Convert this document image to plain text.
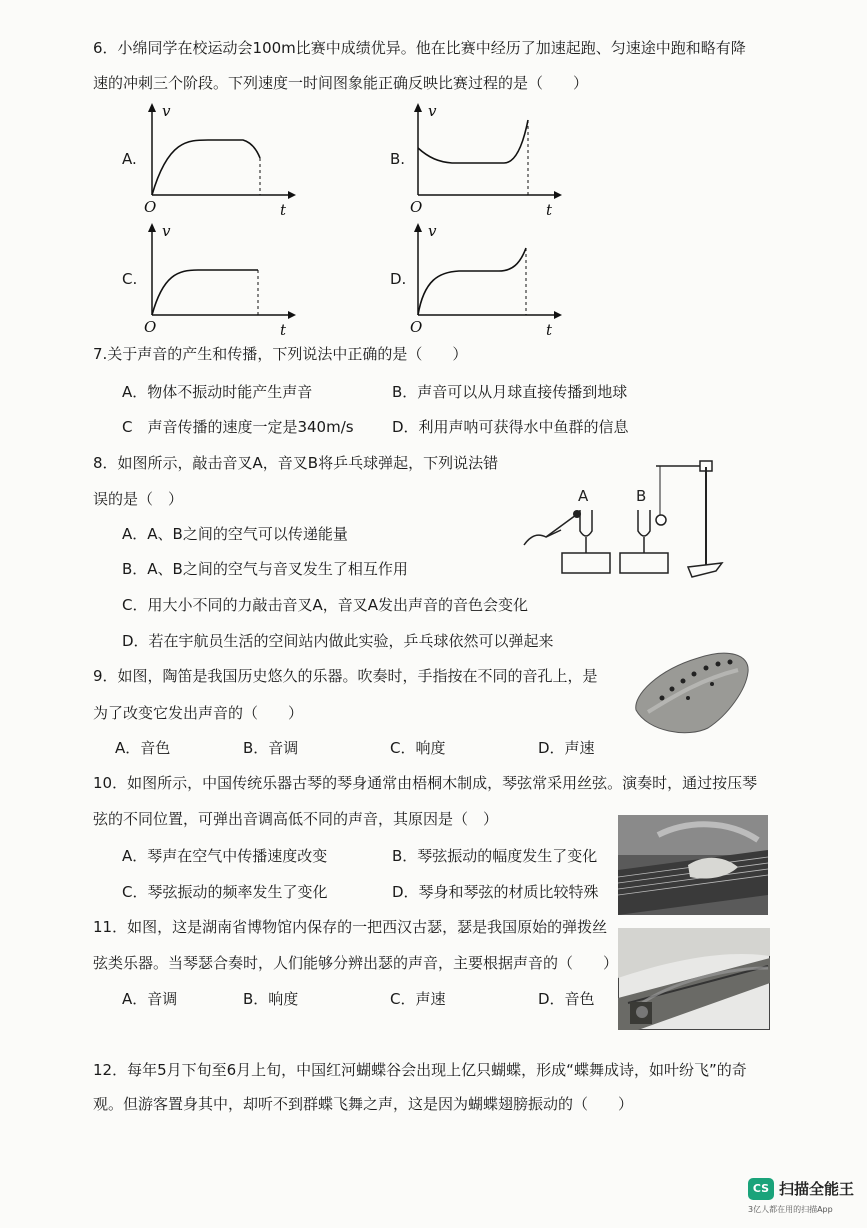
6．小绵同学在校运动会100m比赛中成绩优异。他在比赛中经历了加速起跑、匀速途中跑和略有降
速的冲刺三个阶段。下列速度一时间图象能正确反映比赛过程的是（　　）
A.
v
t
O
B.
v
t
O
C.
v
t
O
D.
v
t
O
7.关于声音的产生和传播，下列说法中正确的是（　　）
A．物体不振动时能产生声音	B．声音可以从月球直接传播到地球
C　声音传播的速度一定是340m/s	D．利用声呐可获得水中鱼群的信息
8．如图所示，敲击音叉A，音叉B将乒乓球弹起，下列说法错
误的是（　）
A．A、B之间的空气可以传递能量
B．A、B之间的空气与音叉发生了相互作用
C．用大小不同的力敲击音叉A，音叉A发出声音的音色会变化
D．若在宇航员生活的空间站内做此实验，乒乓球依然可以弹起来
A	B
9．如图，陶笛是我国历史悠久的乐器。吹奏时，手指按在不同的音孔上，是
为了改变它发出声音的（　　）
A．音色	B．音调	C．响度	D．声速
10．如图所示，中国传统乐器古琴的琴身通常由梧桐木制成，琴弦常采用丝弦。演奏时，通过按压琴
弦的不同位置，可弹出音调高低不同的声音，其原因是（　）
A．琴声在空气中传播速度改变	B．琴弦振动的幅度发生了变化
C．琴弦振动的频率发生了变化	D．琴身和琴弦的材质比较特殊
11．如图，这是湖南省博物馆内保存的一把西汉古瑟，瑟是我国原始的弹拨丝
弦类乐器。当琴瑟合奏时，人们能够分辨出瑟的声音，主要根据声音的（　　）
A．音调	B．响度	C．声速	D．音色
12．每年5月下旬至6月上旬，中国红河蝴蝶谷会出现上亿只蝴蝶，形成“蝶舞成诗，如叶纷飞”的奇
观。但游客置身其中，却听不到群蝶飞舞之声，这是因为蝴蝶翅膀振动的（　　）
CS 扫描全能王
3亿人都在用的扫描App
